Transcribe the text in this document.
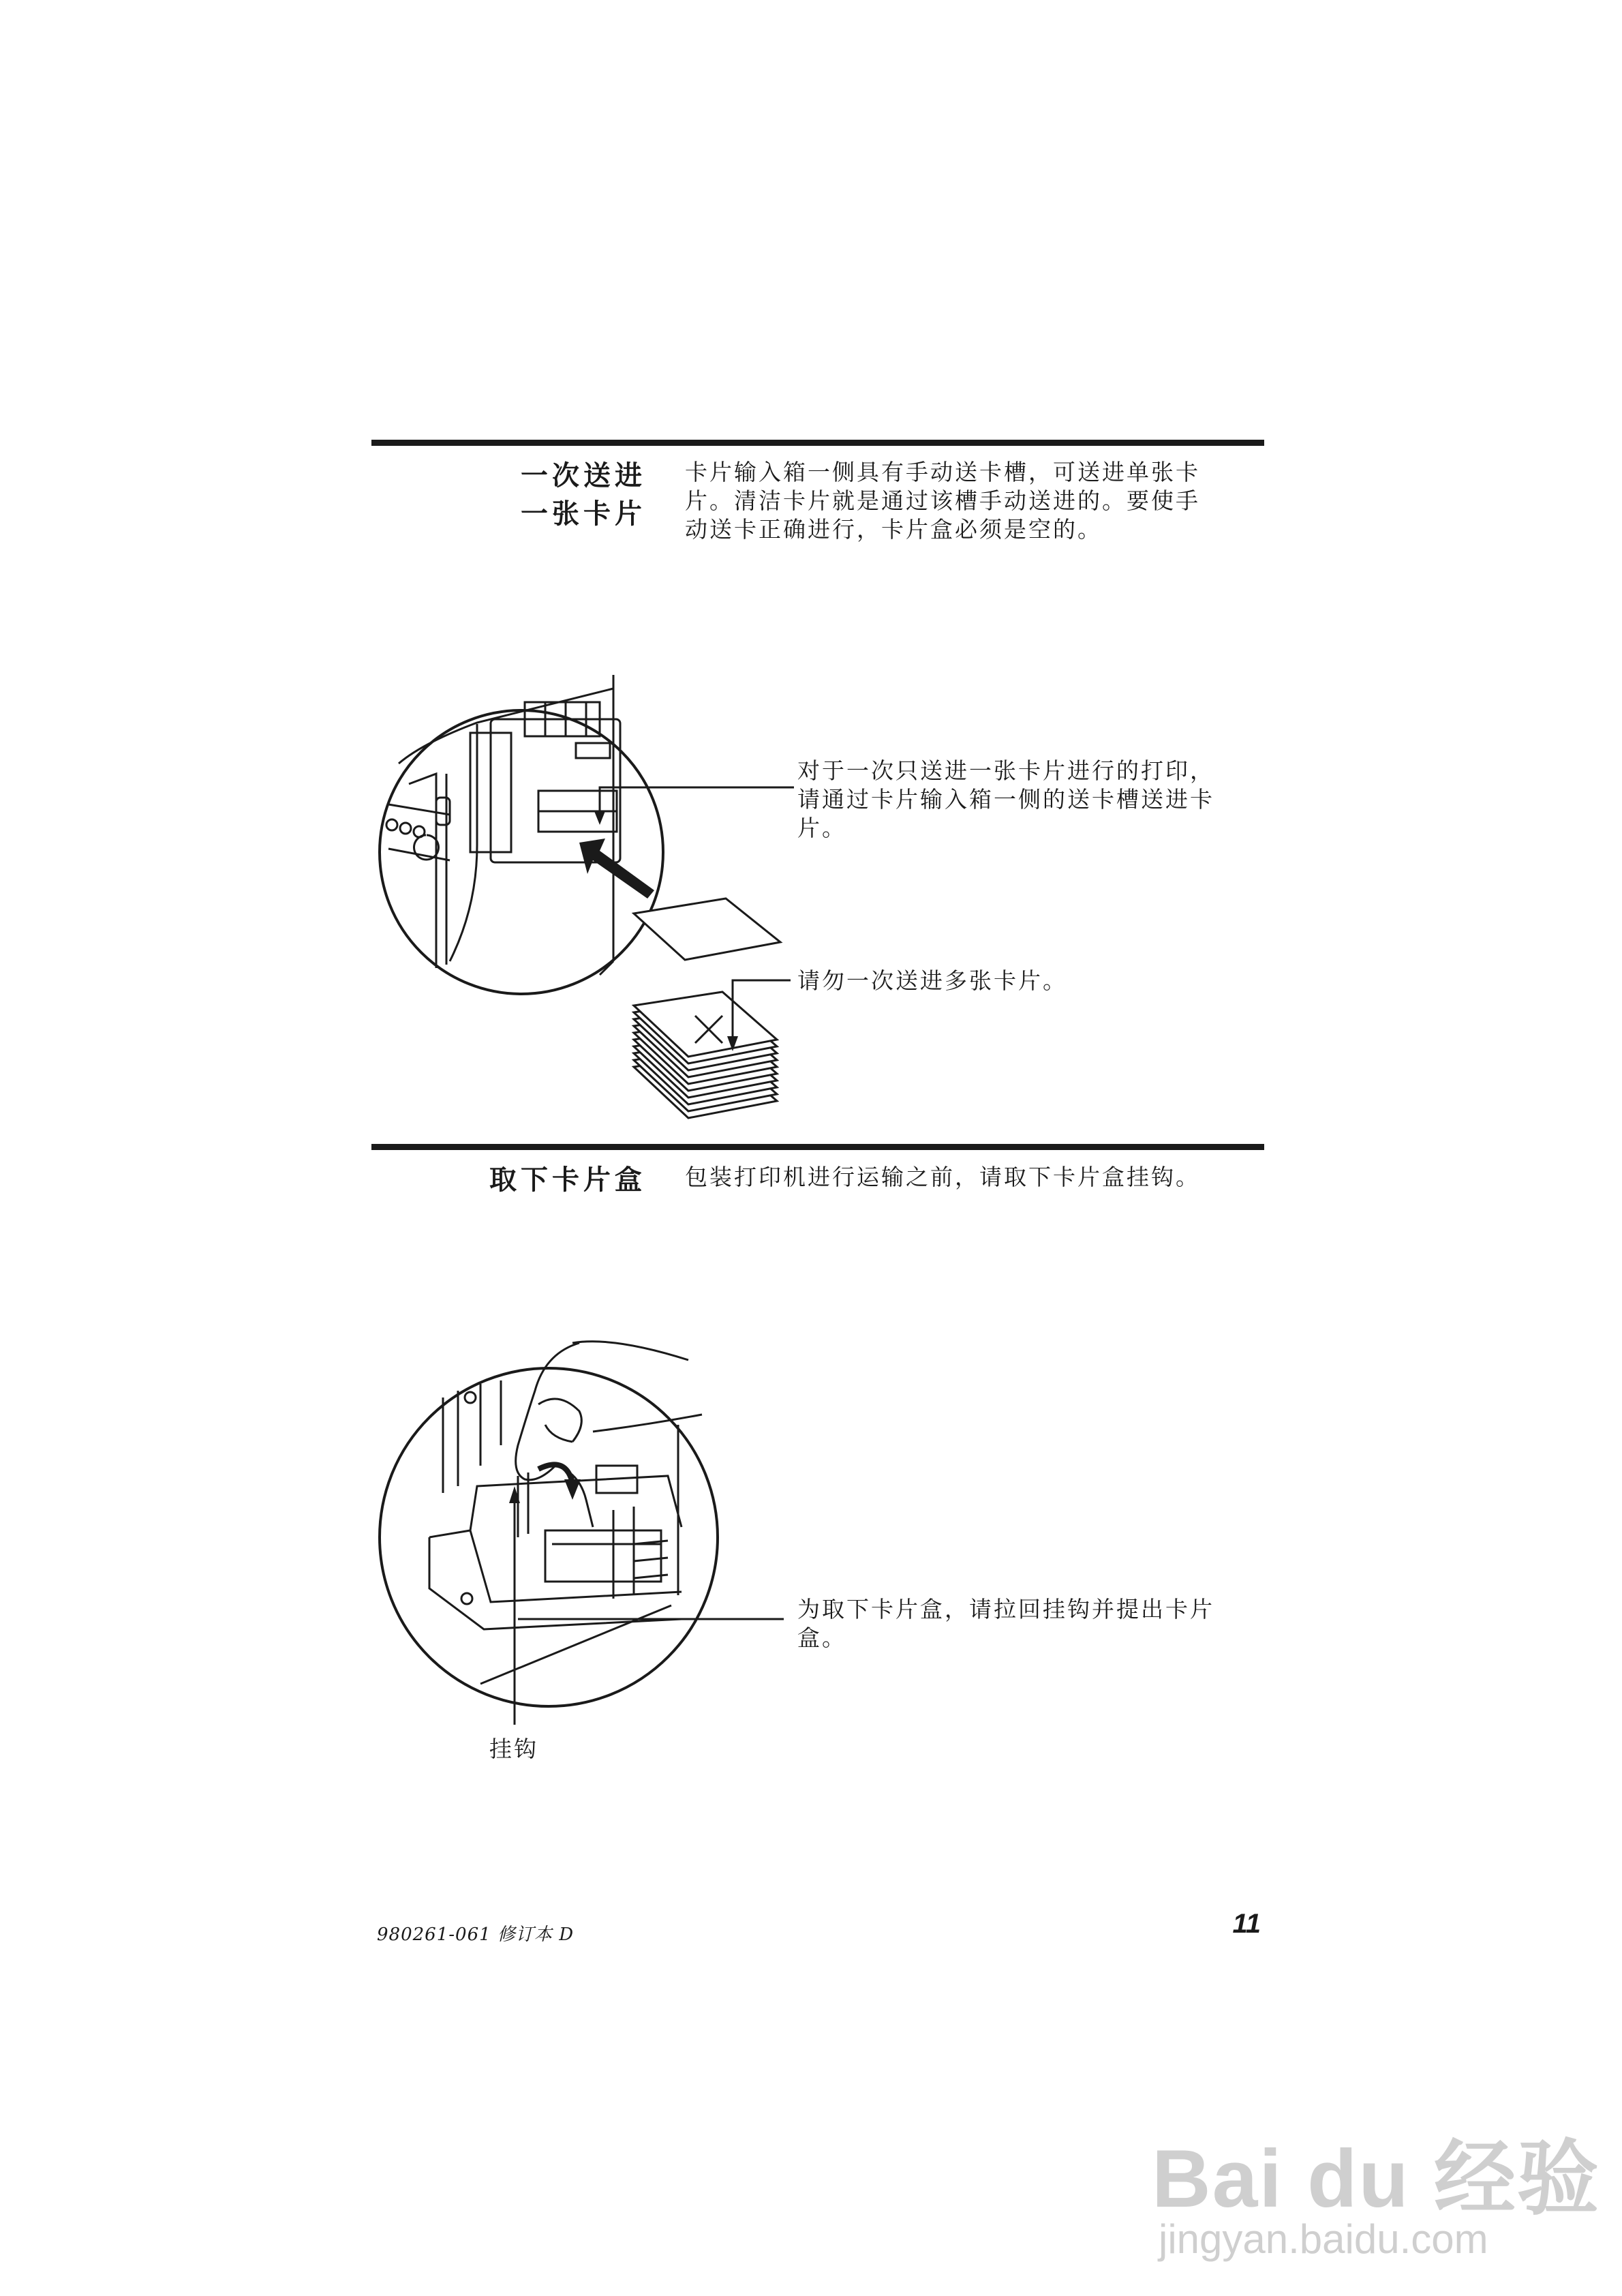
一次送进
一张卡片
卡片输入箱一侧具有手动送卡槽，可送进单张卡
片。清洁卡片就是通过该槽手动送进的。要使手
动送卡正确进行，卡片盒必须是空的。
对于一次只送进一张卡片进行的打印，
请通过卡片输入箱一侧的送卡槽送进卡
片。
请勿一次送进多张卡片。
取下卡片盒 包装打印机进行运输之前，请取下卡片盒挂钩。
为取下卡片盒，请拉回挂钩并提出卡片
盒。
挂钩
980261-061 修订本 D	11
Bai du 经验
jingyan.baidu.com
